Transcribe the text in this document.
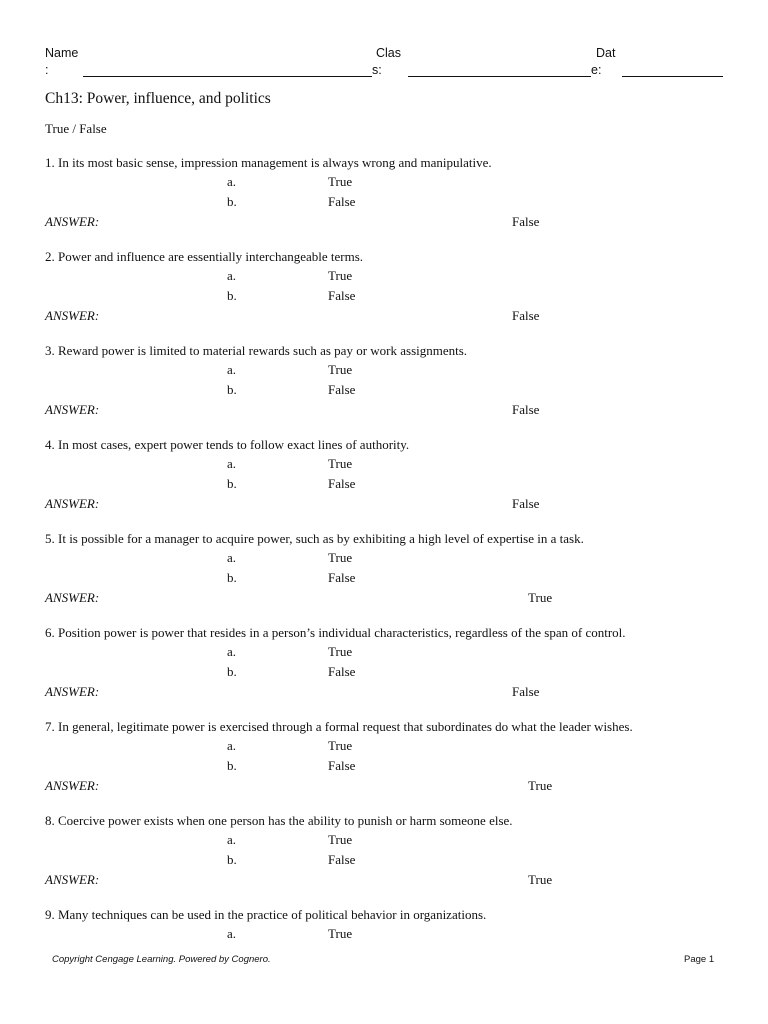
Name
:
Clas
s:
Dat
e:
Ch13: Power, influence, and politics
True / False
1. In its most basic sense, impression management is always wrong and manipulative.
a.	True
b.	False
ANSWER:	False
2. Power and influence are essentially interchangeable terms.
a.	True
b.	False
ANSWER:	False
3. Reward power is limited to material rewards such as pay or work assignments.
a.	True
b.	False
ANSWER:	False
4. In most cases, expert power tends to follow exact lines of authority.
a.	True
b.	False
ANSWER:	False
5. It is possible for a manager to acquire power, such as by exhibiting a high level of expertise in a task.
a.	True
b.	False
ANSWER:	True
6. Position power is power that resides in a person’s individual characteristics, regardless of the span of control.
a.	True
b.	False
ANSWER:	False
7. In general, legitimate power is exercised through a formal request that subordinates do what the leader wishes.
a.	True
b.	False
ANSWER:	True
8. Coercive power exists when one person has the ability to punish or harm someone else.
a.	True
b.	False
ANSWER:	True
9. Many techniques can be used in the practice of political behavior in organizations.
a.	True
Copyright Cengage Learning. Powered by Cognero.	Page 1
